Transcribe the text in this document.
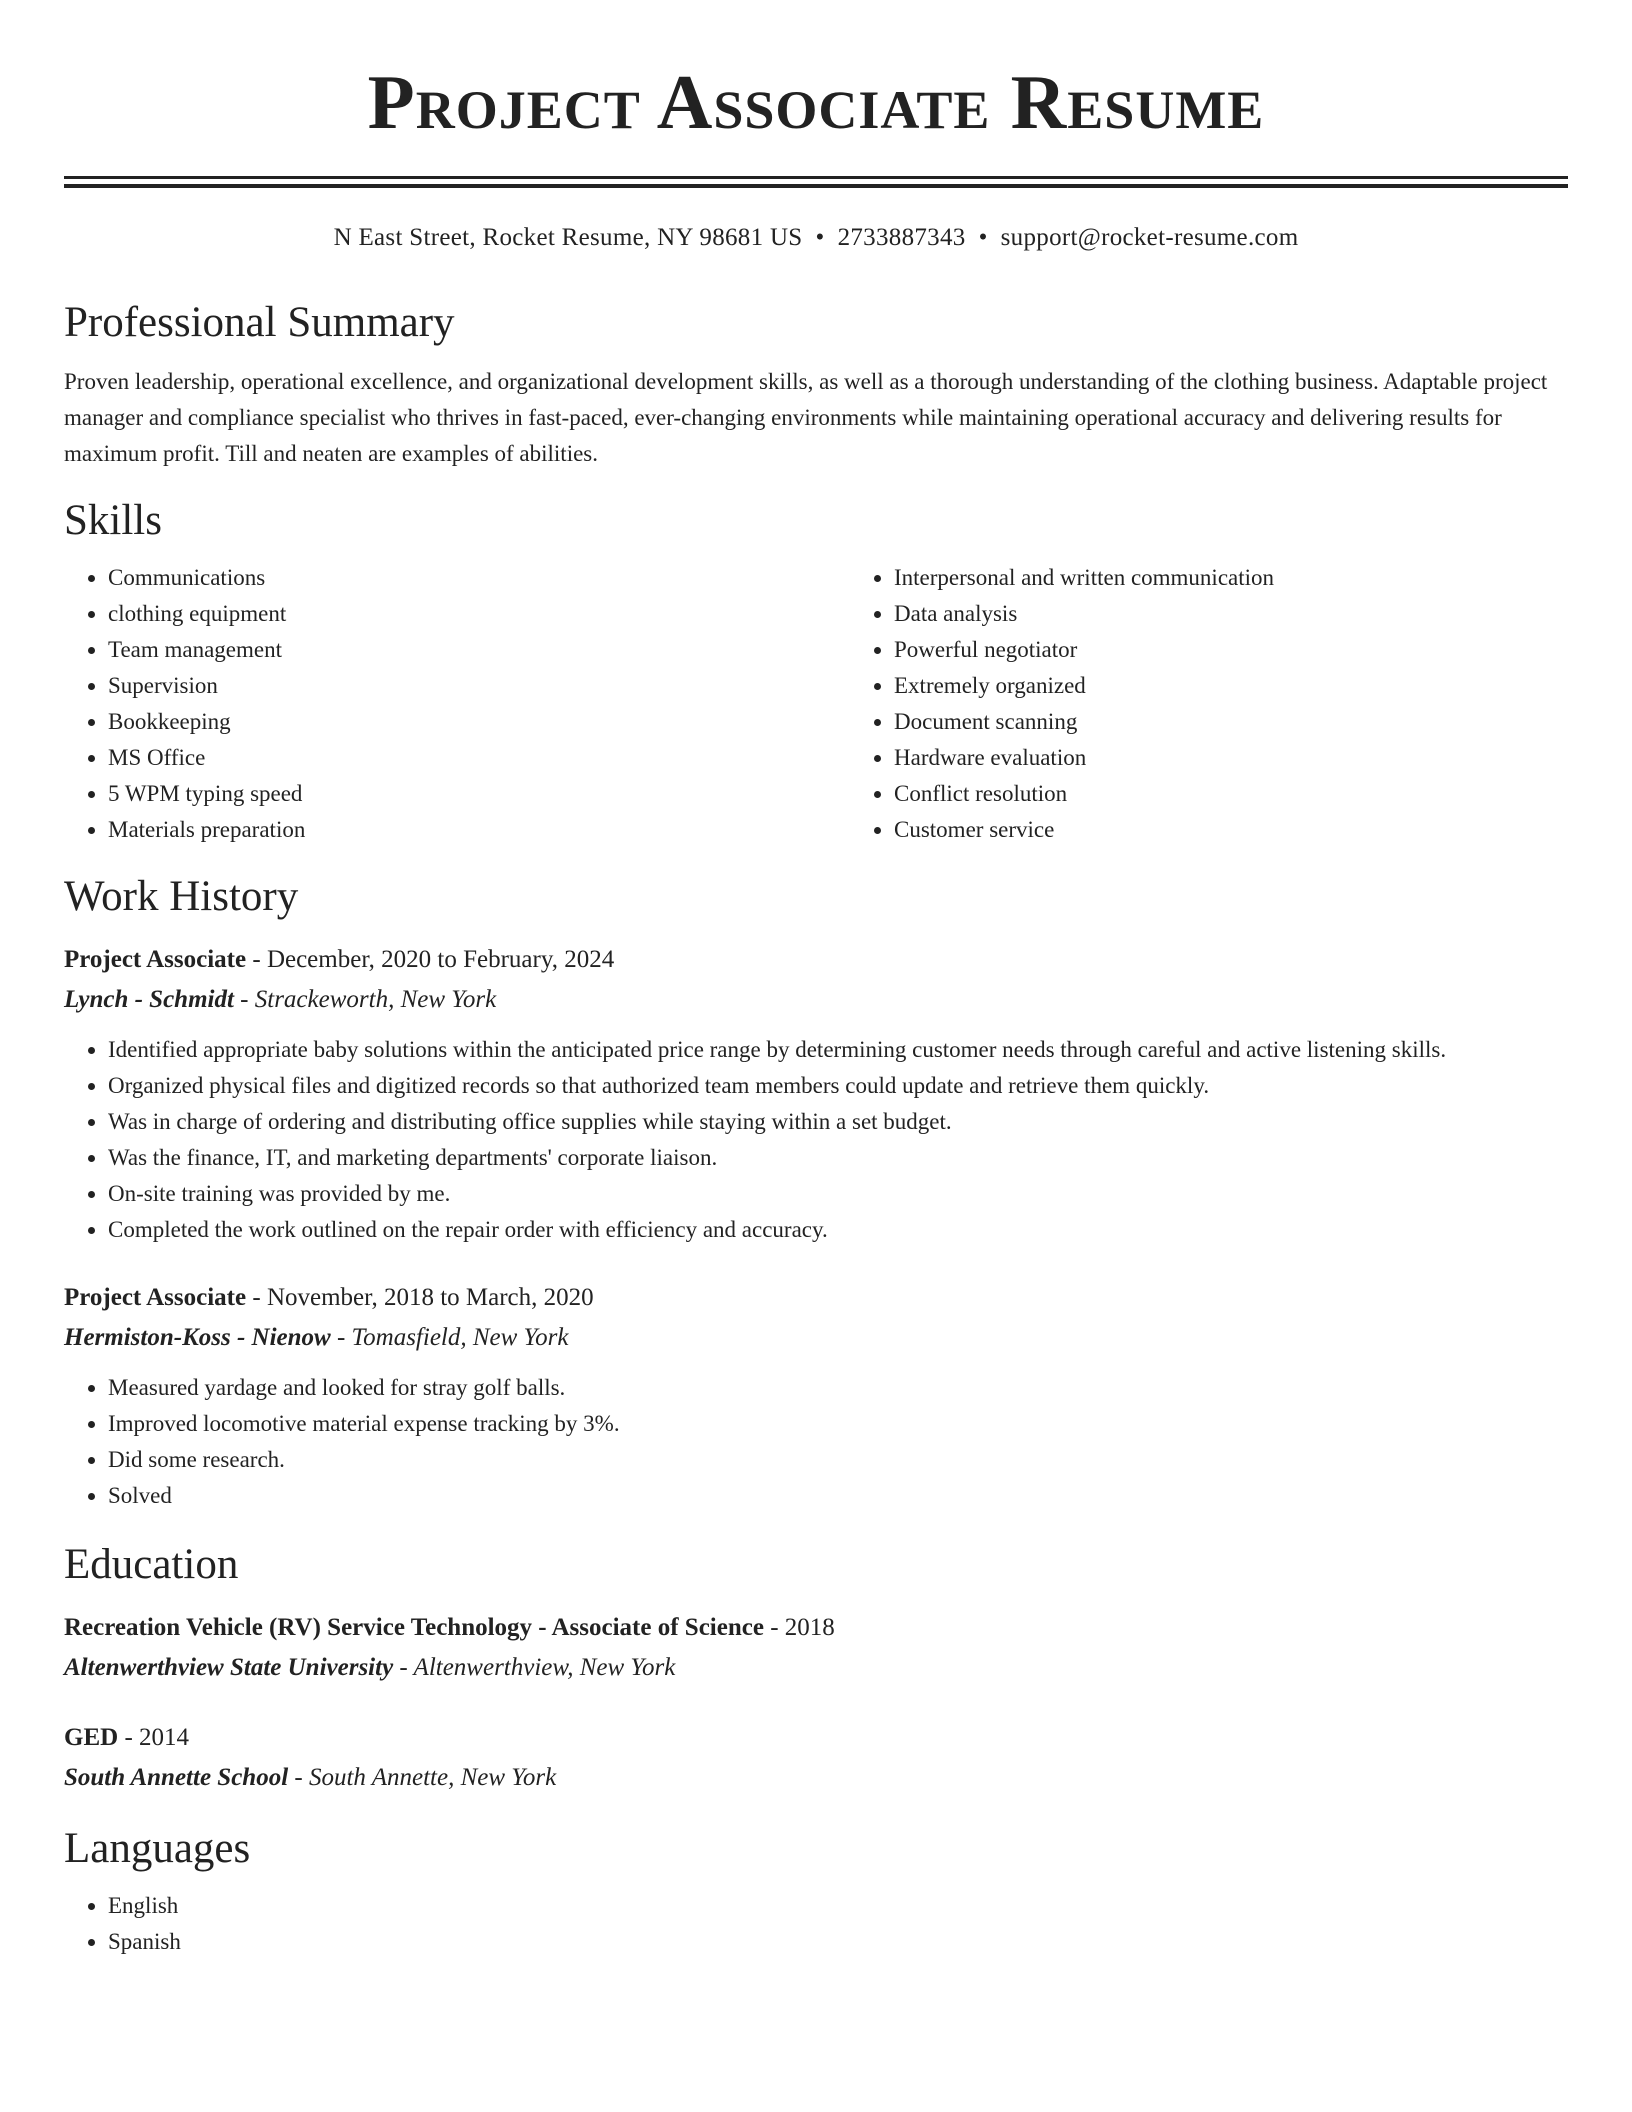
Project Associate Resume
N East Street, Rocket Resume, NY 98681 US • 2733887343 • support@rocket-resume.com
Professional Summary

Proven leadership, operational excellence, and organizational development skills, as well as a thorough understanding of the clothing business. Adaptable project manager and compliance specialist who thrives in fast-paced, ever-changing environments while maintaining operational accuracy and delivering results for maximum profit. Till and neaten are examples of abilities.

Skills
• Communications
• clothing equipment
• Team management
• Supervision
• Bookkeeping
• MS Office
• 5 WPM typing speed
• Materials preparation
• Interpersonal and written communication
• Data analysis
• Powerful negotiator
• Extremely organized
• Document scanning
• Hardware evaluation
• Conflict resolution
• Customer service
Work History
Project Associate - December, 2020 to February, 2024
Lynch - Schmidt - Strackeworth, New York
• Identified appropriate baby solutions within the anticipated price range by determining customer needs through careful and active listening skills.
• Organized physical files and digitized records so that authorized team members could update and retrieve them quickly.
• Was in charge of ordering and distributing office supplies while staying within a set budget.
• Was the finance, IT, and marketing departments' corporate liaison.
• On-site training was provided by me.
• Completed the work outlined on the repair order with efficiency and accuracy.
Project Associate - November, 2018 to March, 2020
Hermiston-Koss - Nienow - Tomasfield, New York
• Measured yardage and looked for stray golf balls.
• Improved locomotive material expense tracking by 3%.
• Did some research.
• Solved
Education
Recreation Vehicle (RV) Service Technology - Associate of Science - 2018
Altenwerthview State University - Altenwerthview, New York
GED - 2014
South Annette School - South Annette, New York
Languages
• English
• Spanish
